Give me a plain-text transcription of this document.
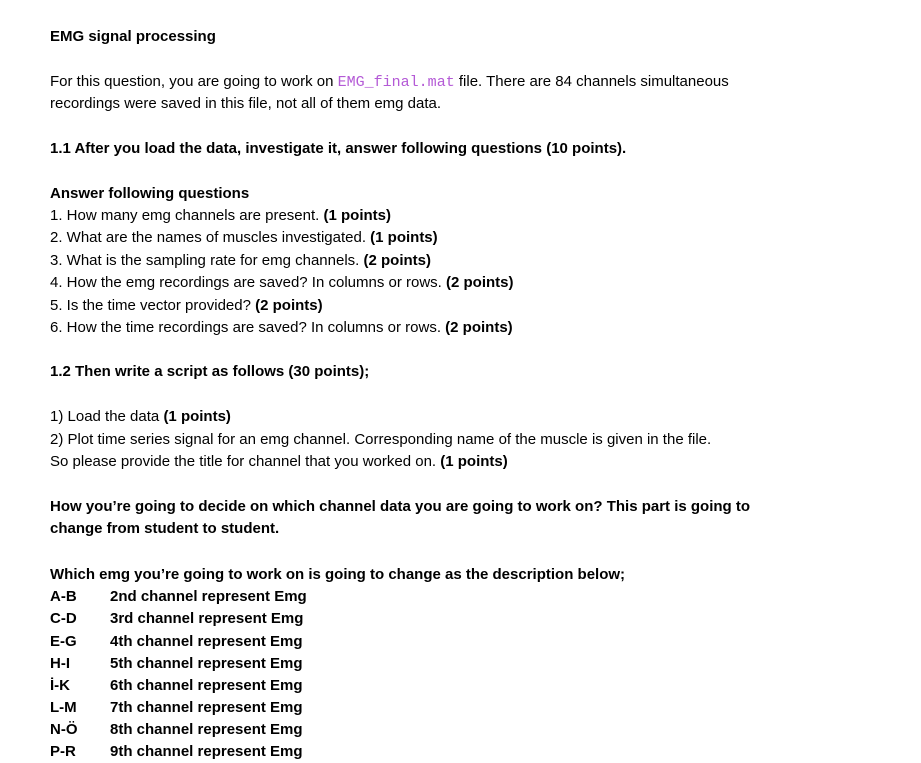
EMG signal processing
For this question, you are going to work on EMG_final.mat file. There are 84 channels simultaneous
recordings were saved in this file, not all of them emg data.
1.1 After you load the data, investigate it, answer following questions (10 points).
Answer following questions
1. How many emg channels are present. (1 points)
2. What are the names of muscles investigated. (1 points)
3. What is the sampling rate for emg channels. (2 points)
4. How the emg recordings are saved? In columns or rows. (2 points)
5. Is the time vector provided? (2 points)
6. How the time recordings are saved? In columns or rows. (2 points)
1.2 Then write a script as follows (30 points);
1) Load the data (1 points)
2) Plot time series signal for an emg channel. Corresponding name of the muscle is given in the file.
So please provide the title for channel that you worked on. (1 points)
How you’re going to decide on which channel data you are going to work on? This part is going to
change from student to student.
Which emg you’re going to work on is going to change as the description below;
A-B 2nd channel represent Emg
C-D 3rd channel represent Emg
E-G 4th channel represent Emg
H-I	5th channel represent Emg
İ-K	6th channel represent Emg
L-M 7th channel represent Emg
N-Ö 8th channel represent Emg
P-R 9th channel represent Emg
